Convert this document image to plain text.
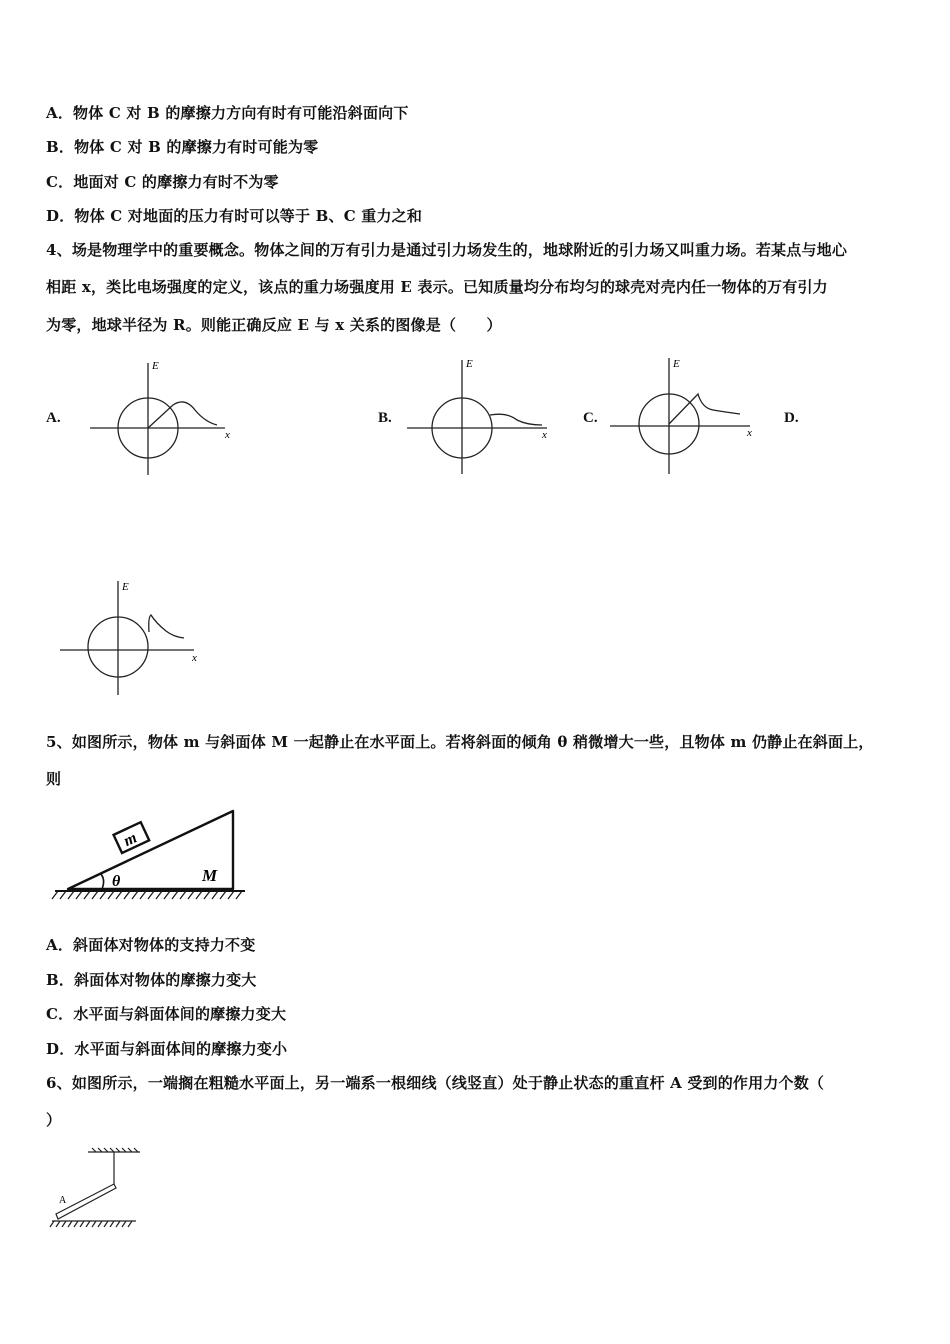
A．物体 C 对 B 的摩擦力方向有时有可能沿斜面向下
B．物体 C 对 B 的摩擦力有时可能为零
C．地面对 C 的摩擦力有时不为零
D．物体 C 对地面的压力有时可以等于 B、C 重力之和
4、场是物理学中的重要概念。物体之间的万有引力是通过引力场发生的，地球附近的引力场又叫重力场。若某点与地心
相距 x，类比电场强度的定义，该点的重力场强度用 E 表示。已知质量均分布均匀的球壳对壳内任一物体的万有引力
为零，地球半径为 R。则能正确反应 E 与 x 关系的图像是（　　）
A.	B.	C.	D.
E
x
E
x
E
x
E
x
5、如图所示，物体 m 与斜面体 M 一起静止在水平面上。若将斜面的倾角 θ 稍微增大一些，且物体 m 仍静止在斜面上，
则
m
θ	M
A．斜面体对物体的支持力不变
B．斜面体对物体的摩擦力变大
C．水平面与斜面体间的摩擦力变大
D．水平面与斜面体间的摩擦力变小
6、如图所示，一端搁在粗糙水平面上，另一端系一根细线（线竖直）处于静止状态的重直杆 A 受到的作用力个数（
）
A
